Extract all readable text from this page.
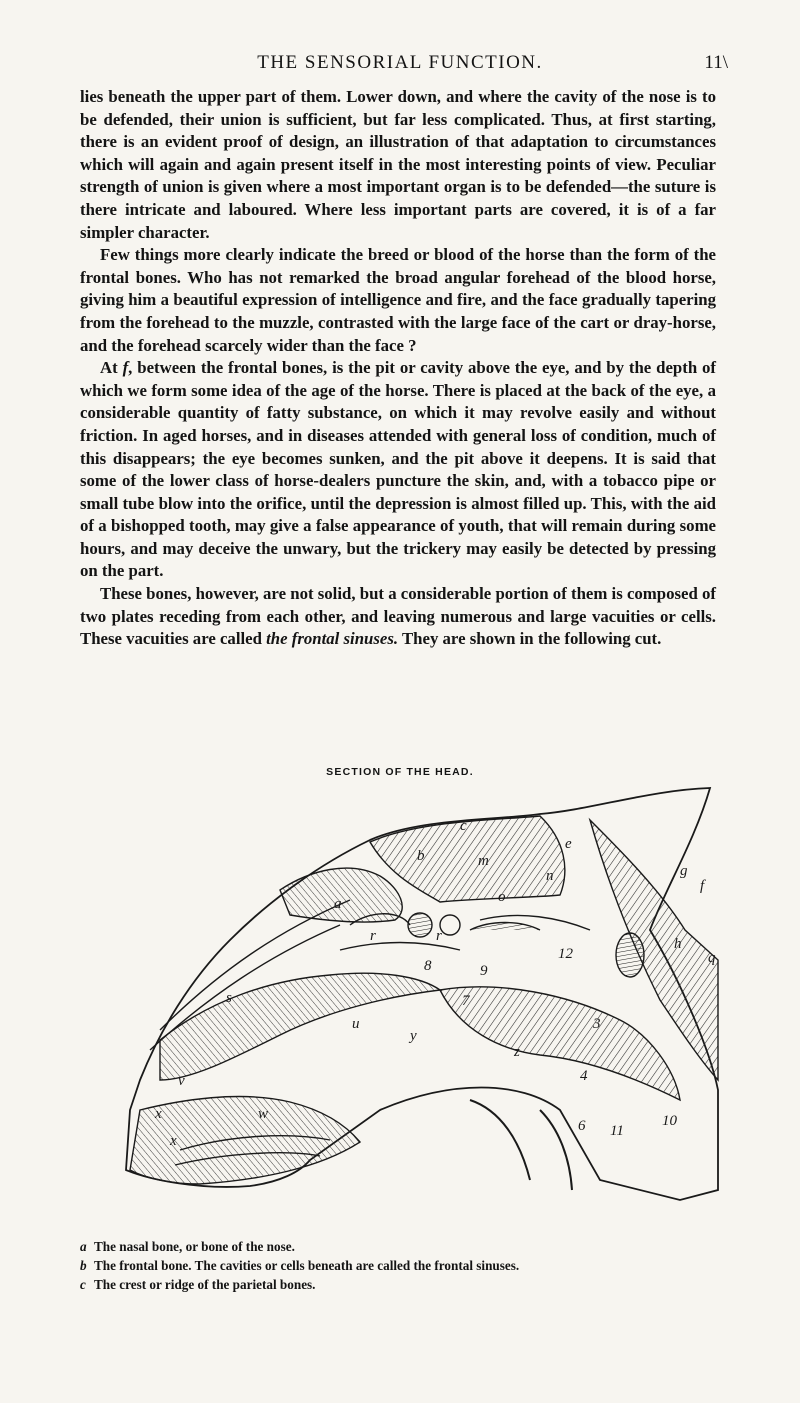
THE SENSORIAL FUNCTION.	11\

lies beneath the upper part of them. Lower down, and where the cavity of the nose is to be defended, their union is sufficient, but far less complicated. Thus, at first starting, there is an evident proof of design, an illustration of that adaptation to circumstances which will again and again present itself in the most interesting points of view. Peculiar strength of union is given where a most important organ is to be defended—the suture is there intricate and laboured. Where less important parts are covered, it is of a far simpler character.

Few things more clearly indicate the breed or blood of the horse than the form of the frontal bones. Who has not remarked the broad angular forehead of the blood horse, giving him a beautiful expression of intelligence and fire, and the face gradually tapering from the forehead to the muzzle, contrasted with the large face of the cart or dray-horse, and the forehead scarcely wider than the face ?

At f, between the frontal bones, is the pit or cavity above the eye, and by the depth of which we form some idea of the age of the horse. There is placed at the back of the eye, a considerable quantity of fatty substance, on which it may revolve easily and without friction. In aged horses, and in diseases attended with general loss of condition, much of this disappears; the eye becomes sunken, and the pit above it deepens. It is said that some of the lower class of horse-dealers puncture the skin, and, with a tobacco pipe or small tube blow into the orifice, until the depression is almost filled up. This, with the aid of a bishopped tooth, may give a false appearance of youth, that will remain during some hours, and may deceive the unwary, but the trickery may easily be detected by pressing on the part.

These bones, however, are not solid, but a considerable portion of them is composed of two plates receding from each other, and leaving numerous and large vacuities or cells. These vacuities are called the frontal sinuses. They are shown in the following cut.

SECTION OF THE HEAD.
c
e
b	m
n
o
a
f
g
r	r
8	9
12
h
q
s	7
u
y
3
z
4
v
w
x
x
6 11
10
a The nasal bone, or bone of the nose.
b The frontal bone. The cavities or cells beneath are called the frontal sinuses.
c The crest or ridge of the parietal bones.
